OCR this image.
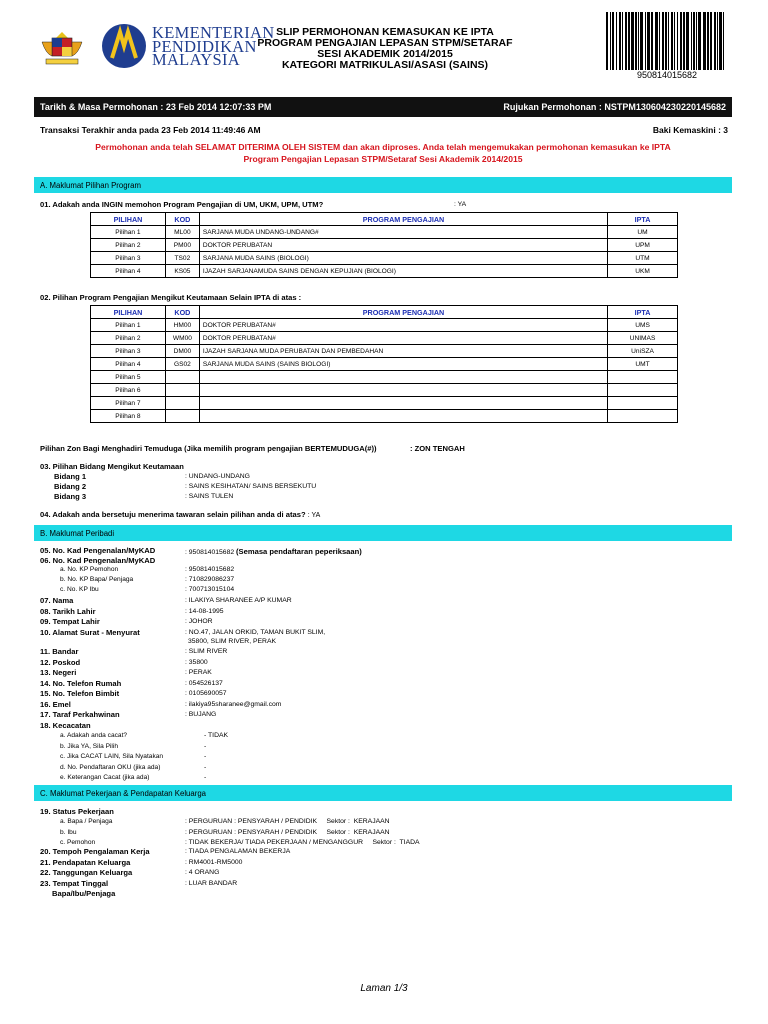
KEMENTERIAN
PENDIDIKAN
MALAYSIA
SLIP PERMOHONAN KEMASUKAN KE IPTA
PROGRAM PENGAJIAN LEPASAN STPM/SETARAF
SESI AKADEMIK 2014/2015
KATEGORI MATRIKULASI/ASASI (SAINS)
950814015682
Tarikh & Masa Permohonan : 23 Feb 2014 12:07:33 PM	Rujukan Permohonan : NSTPM130604230220145682
Transaksi Terakhir anda pada 23 Feb 2014 11:49:46 AM	Baki Kemaskini : 3
Permohonan anda telah SELAMAT DITERIMA OLEH SISTEM dan akan diproses. Anda telah mengemukakan permohonan kemasukan ke IPTA
Program Pengajian Lepasan STPM/Setaraf Sesi Akademik 2014/2015
A. Maklumat Pilihan Program
01. Adakah anda INGIN memohon Program Pengajian di UM, UKM, UPM, UTM?	: YA
PILIHAN	KOD	PROGRAM PENGAJIAN	IPTA
Pilihan 1	ML00	SARJANA MUDA UNDANG-UNDANG#	UM
Pilihan 2	PM00	DOKTOR PERUBATAN	UPM
Pilihan 3	TS02	SARJANA MUDA SAINS (BIOLOGI)	UTM
Pilihan 4	KS05	IJAZAH SARJANAMUDA SAINS DENGAN KEPUJIAN (BIOLOGI)	UKM
02. Pilihan Program Pengajian Mengikut Keutamaan Selain IPTA di atas :
PILIHAN	KOD	PROGRAM PENGAJIAN	IPTA
Pilihan 1	HM00	DOKTOR PERUBATAN#	UMS
Pilihan 2	WM00	DOKTOR PERUBATAN#	UNIMAS
Pilihan 3	DM00	IJAZAH SARJANA MUDA PERUBATAN DAN PEMBEDAHAN	UniSZA
Pilihan 4	GS02	SARJANA MUDA SAINS (SAINS BIOLOGI)	UMT
Pilihan 5			
Pilihan 6			
Pilihan 7			
Pilihan 8			
Pilihan Zon Bagi Menghadiri Temuduga (Jika memilih program pengajian BERTEMUDUGA(#))	: ZON TENGAH
03. Pilihan Bidang Mengikut Keutamaan
Bidang 1	: UNDANG-UNDANG
Bidang 2	: SAINS KESIHATAN/ SAINS BERSEKUTU
Bidang 3	: SAINS TULEN
04. Adakah anda bersetuju menerima tawaran selain pilihan anda di atas? : YA
B. Maklumat Peribadi
05. No. Kad Pengenalan/MyKAD	: 950814015682 (Semasa pendaftaran peperiksaan)
06. No. Kad Pengenalan/MyKAD
a. No. KP Pemohon	: 950814015682
b. No. KP Bapa/ Penjaga	: 710829086237
c. No. KP Ibu	: 700713015104
07. Nama	: ILAKIYA SHARANEE A/P KUMAR
08. Tarikh Lahir	: 14-08-1995
09. Tempat Lahir	: JOHOR
10. Alamat Surat - Menyurat	: NO.47, JALAN ORKID, TAMAN BUKIT SLIM,
35800, SLIM RIVER, PERAK
11. Bandar	: SLIM RIVER
12. Poskod	: 35800
13. Negeri	: PERAK
14. No. Telefon Rumah	: 054526137
15. No. Telefon Bimbit	: 0105690057
16. Emel	: ilakiya95sharanee@gmail.com
17. Taraf Perkahwinan	: BUJANG
18. Kecacatan
a. Adakah anda cacat?	- TIDAK
b. Jika YA, Sila Pilih	-
c. Jika CACAT LAIN, Sila Nyatakan	-
d. No. Pendaftaran OKU (jika ada)	-
e. Keterangan Cacat (jika ada)	-
C. Maklumat Pekerjaan & Pendapatan Keluarga
19. Status Pekerjaan
a. Bapa / Penjaga	: PERGURUAN : PENSYARAH / PENDIDIK     Sektor :  KERAJAAN
b. Ibu	: PERGURUAN : PENSYARAH / PENDIDIK     Sektor :  KERAJAAN
c. Pemohon	: TIDAK BEKERJA/ TIADA PEKERJAAN / MENGANGGUR     Sektor :  TIADA
20. Tempoh Pengalaman Kerja	: TIADA PENGALAMAN BEKERJA
21. Pendapatan Keluarga	: RM4001-RM5000
22. Tanggungan Keluarga	: 4 ORANG
23. Tempat Tinggal	: LUAR BANDAR
Bapa/Ibu/Penjaga
Laman 1/3
